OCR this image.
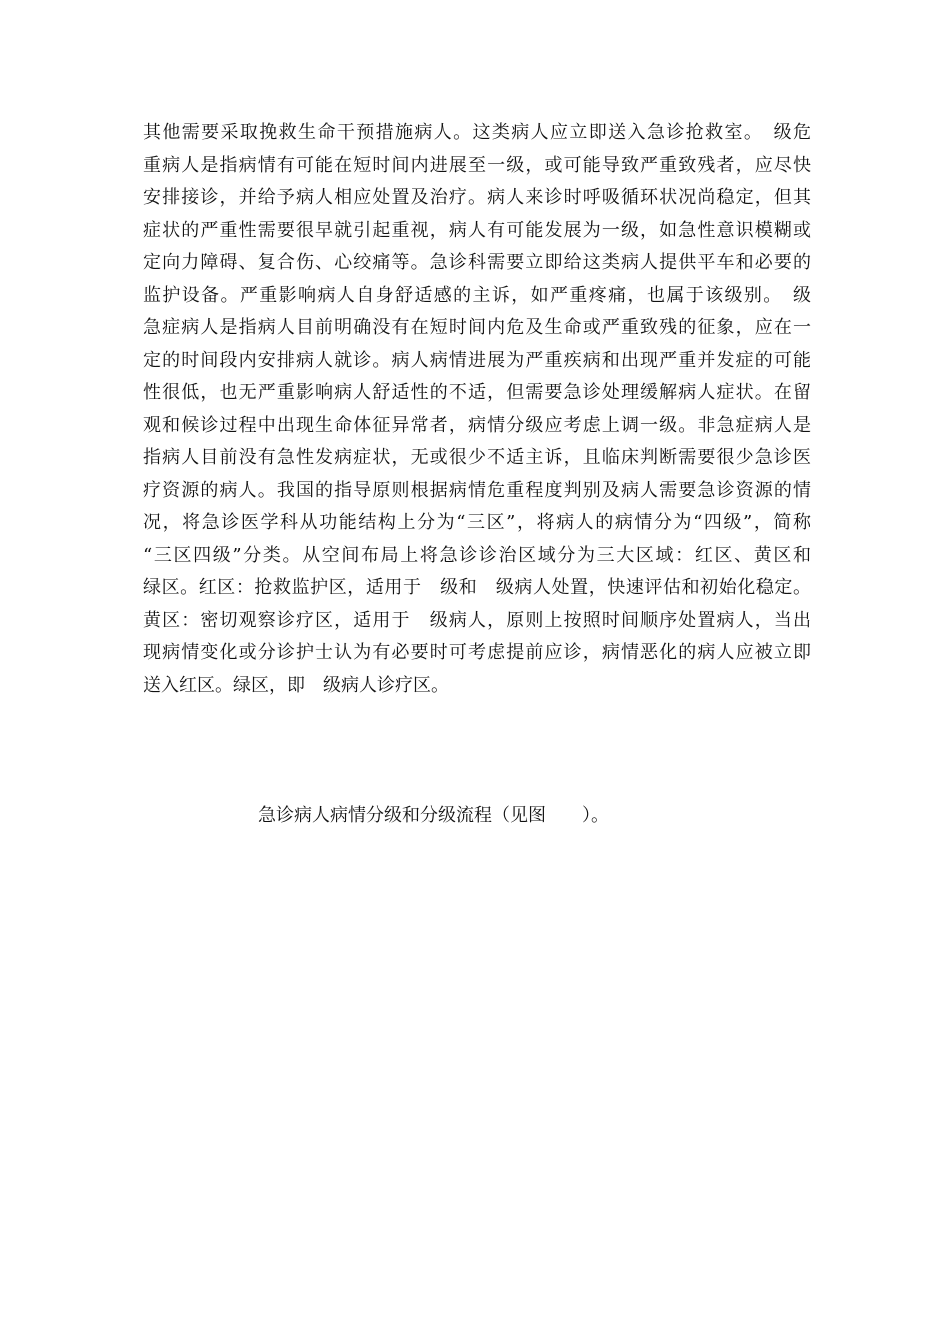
其他需要采取挽救生命干预措施病人。这类病人应立即送入急诊抢救室。　级危
重病人是指病情有可能在短时间内进展至一级，或可能导致严重致残者，应尽快
安排接诊，并给予病人相应处置及治疗。病人来诊时呼吸循环状况尚稳定，但其
症状的严重性需要很早就引起重视，病人有可能发展为一级，如急性意识模糊或
定向力障碍、复合伤、心绞痛等。急诊科需要立即给这类病人提供平车和必要的
监护设备。严重影响病人自身舒适感的主诉，如严重疼痛，也属于该级别。　级
急症病人是指病人目前明确没有在短时间内危及生命或严重致残的征象，应在一
定的时间段内安排病人就诊。病人病情进展为严重疾病和出现严重并发症的可能
性很低，也无严重影响病人舒适性的不适，但需要急诊处理缓解病人症状。在留
观和候诊过程中出现生命体征异常者，病情分级应考虑上调一级。非急症病人是
指病人目前没有急性发病症状，无或很少不适主诉，且临床判断需要很少急诊医
疗资源的病人。我国的指导原则根据病情危重程度判别及病人需要急诊资源的情
况，将急诊医学科从功能结构上分为“三区”，将病人的病情分为“四级”，简称
“三区四级”分类。从空间布局上将急诊诊治区域分为三大区域：红区、黄区和
绿区。红区：抢救监护区，适用于　级和　级病人处置，快速评估和初始化稳定。
黄区：密切观察诊疗区，适用于　级病人，原则上按照时间顺序处置病人，当出
现病情变化或分诊护士认为有必要时可考虑提前应诊，病情恶化的病人应被立即
送入红区。绿区，即　级病人诊疗区。

急诊病人病情分级和分级流程（见图　　）。
